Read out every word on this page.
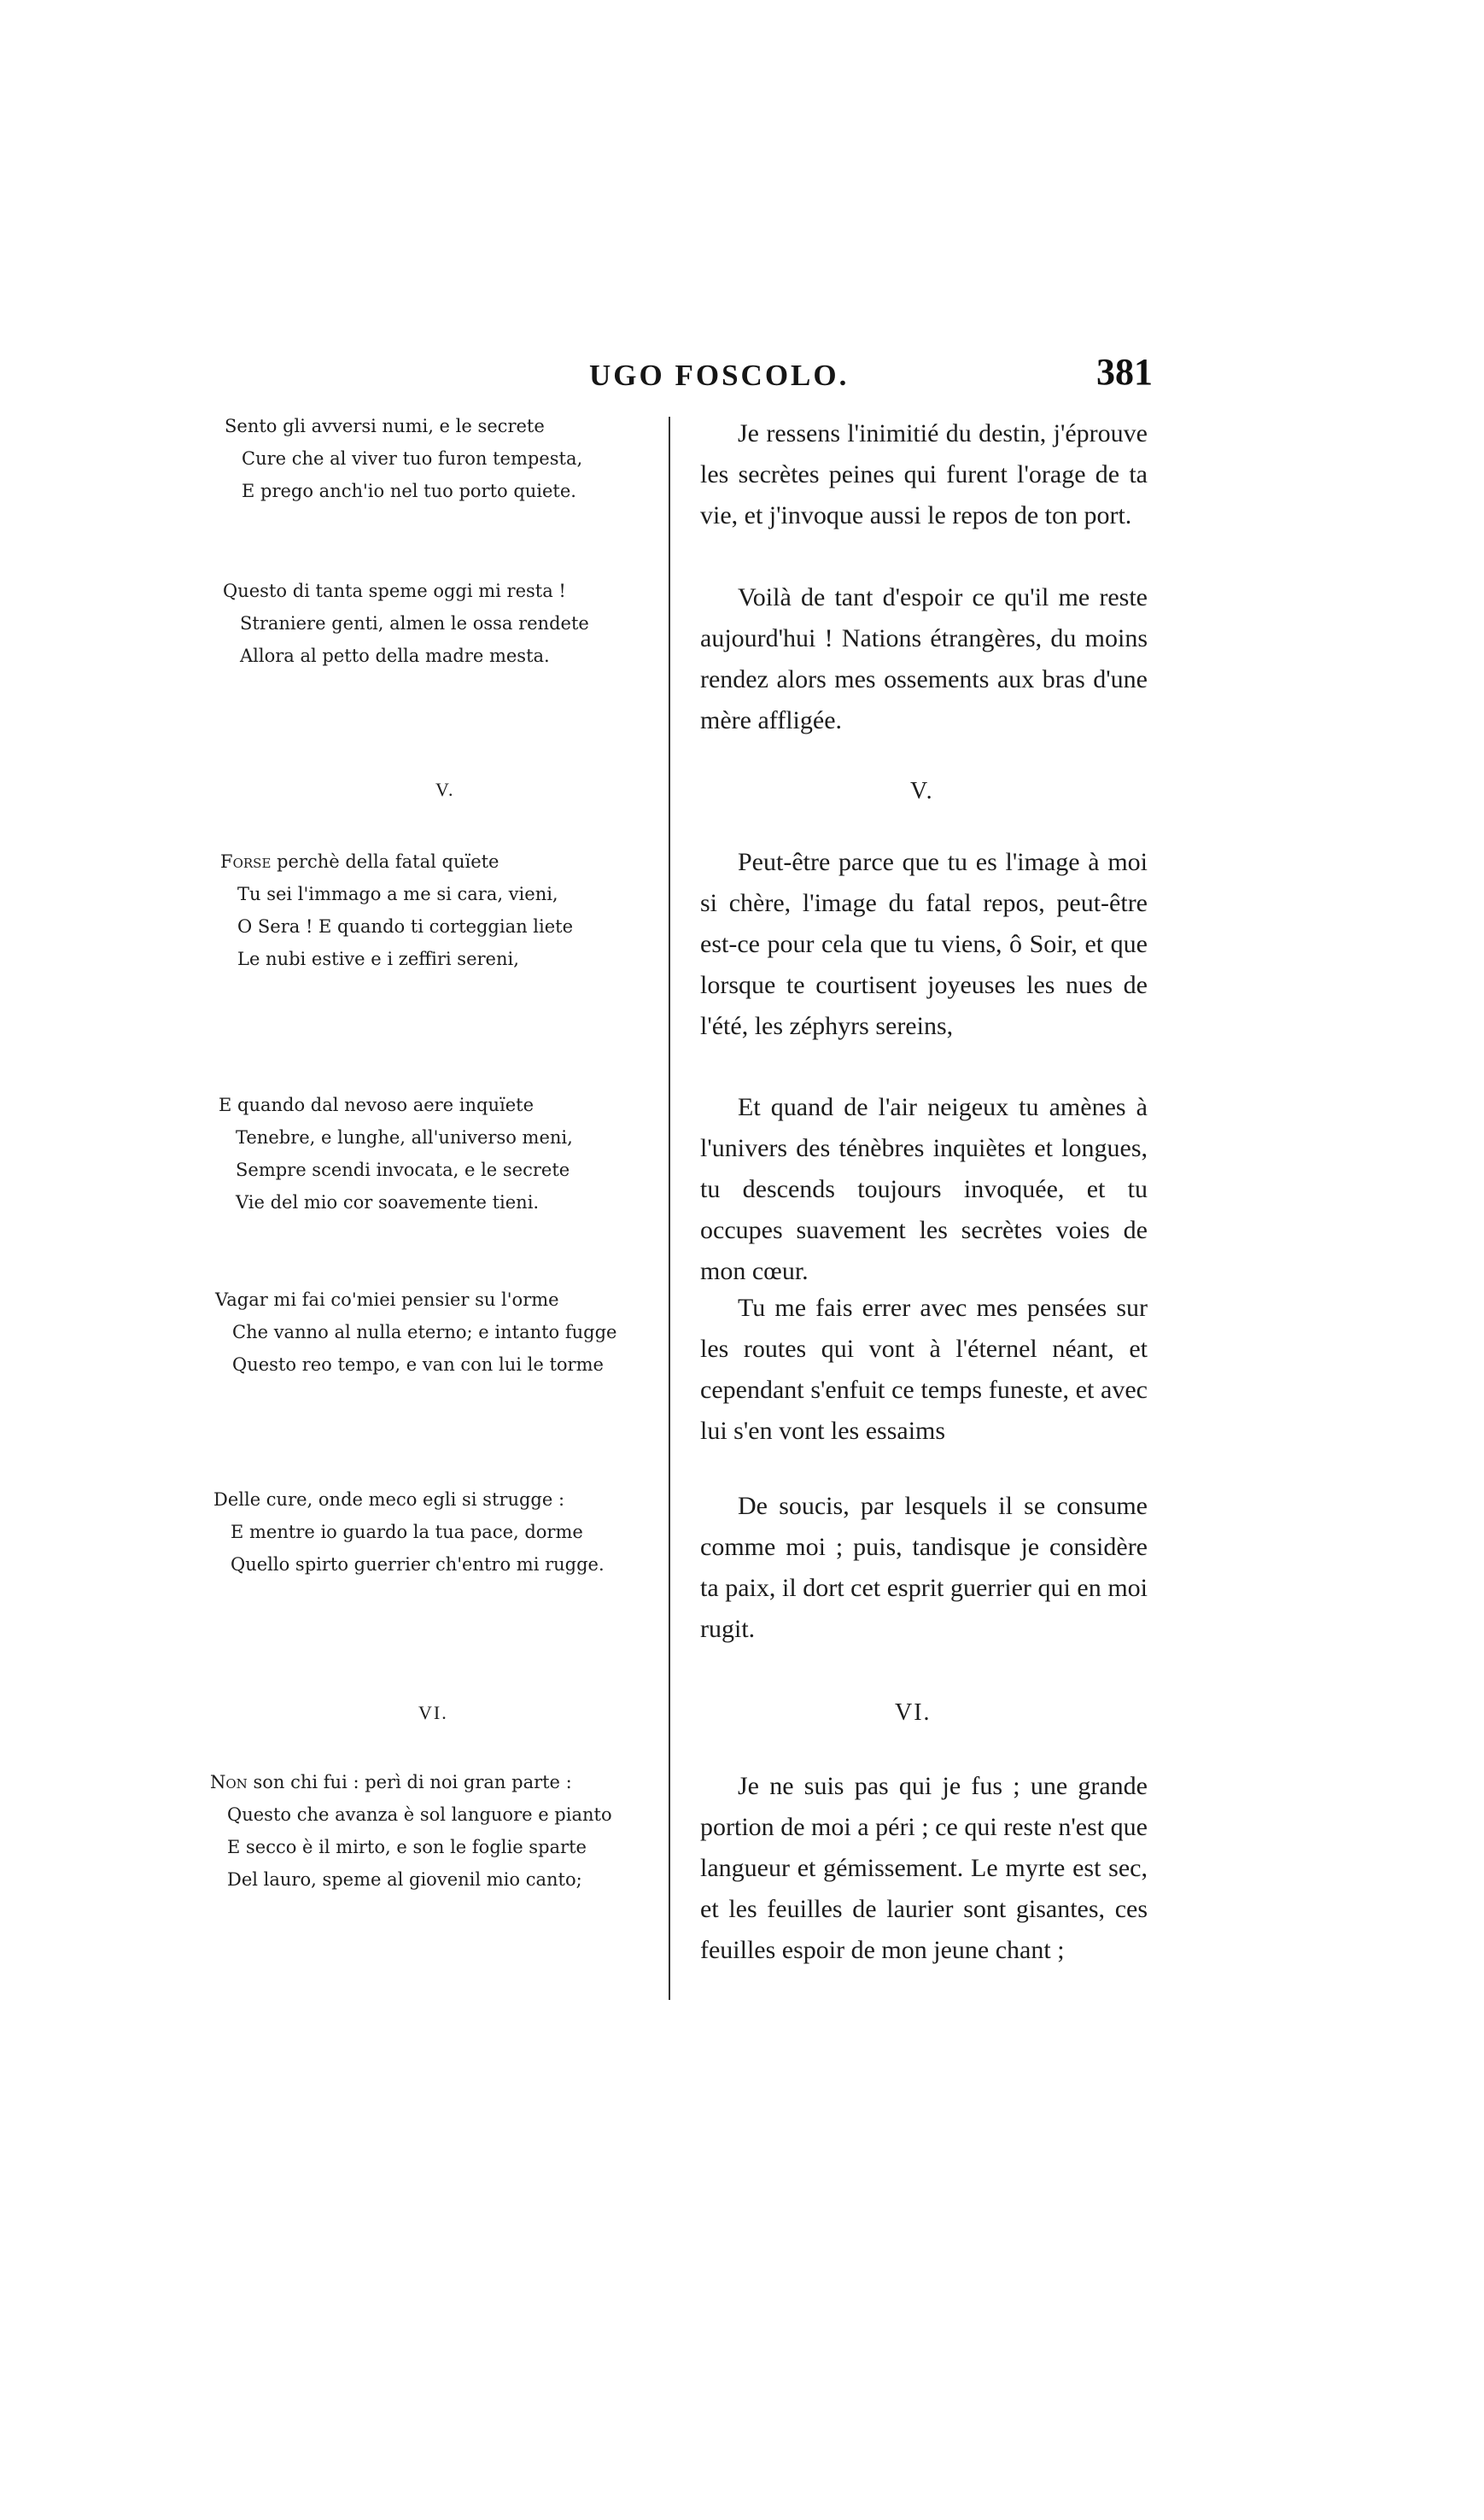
UGO FOSCOLO.	381
Sento gli avversi numi, e le secrete
Cure che al viver tuo furon tempesta,
E prego anch'io nel tuo porto quiete.
Questo di tanta speme oggi mi resta !
Straniere genti, almen le ossa rendete
Allora al petto della madre mesta.
V.
Forse perchè della fatal quïete
Tu sei l'immago a me si cara, vieni,
O Sera ! E quando ti corteggian liete
Le nubi estive e i zeffiri sereni,
E quando dal nevoso aere inquïete
Tenebre, e lunghe, all'universo meni,
Sempre scendi invocata, e le secrete
Vie del mio cor soavemente tieni.
Vagar mi fai co'miei pensier su l'orme
Che vanno al nulla eterno; e intanto fugge
Questo reo tempo, e van con lui le torme
Delle cure, onde meco egli si strugge :
E mentre io guardo la tua pace, dorme
Quello spirto guerrier ch'entro mi rugge.
VI.
Non son chi fui : perì di noi gran parte :
Questo che avanza è sol languore e pianto
E secco è il mirto, e son le foglie sparte
Del lauro, speme al giovenil mio canto;
Je ressens l'inimitié du destin, j'éprouve les secrètes peines qui furent l'orage de ta vie, et j'invoque aussi le repos de ton port.
Voilà de tant d'espoir ce qu'il me reste aujourd'hui ! Nations étrangères, du moins rendez alors mes ossements aux bras d'une mère affligée.
V.
Peut-être parce que tu es l'image à moi si chère, l'image du fatal repos, peut-être est-ce pour cela que tu viens, ô Soir, et que lorsque te courtisent joyeuses les nues de l'été, les zéphyrs sereins,
Et quand de l'air neigeux tu amènes à l'univers des ténèbres inquiètes et longues, tu descends toujours invoquée, et tu occupes suavement les secrètes voies de mon cœur.
Tu me fais errer avec mes pensées sur les routes qui vont à l'éternel néant, et cependant s'enfuit ce temps funeste, et avec lui s'en vont les essaims
De soucis, par lesquels il se consume comme moi ; puis, tandisque je considère ta paix, il dort cet esprit guerrier qui en moi rugit.
VI.
Je ne suis pas qui je fus ; une grande portion de moi a péri ; ce qui reste n'est que langueur et gémissement. Le myrte est sec, et les feuilles de laurier sont gisantes, ces feuilles espoir de mon jeune chant ;
